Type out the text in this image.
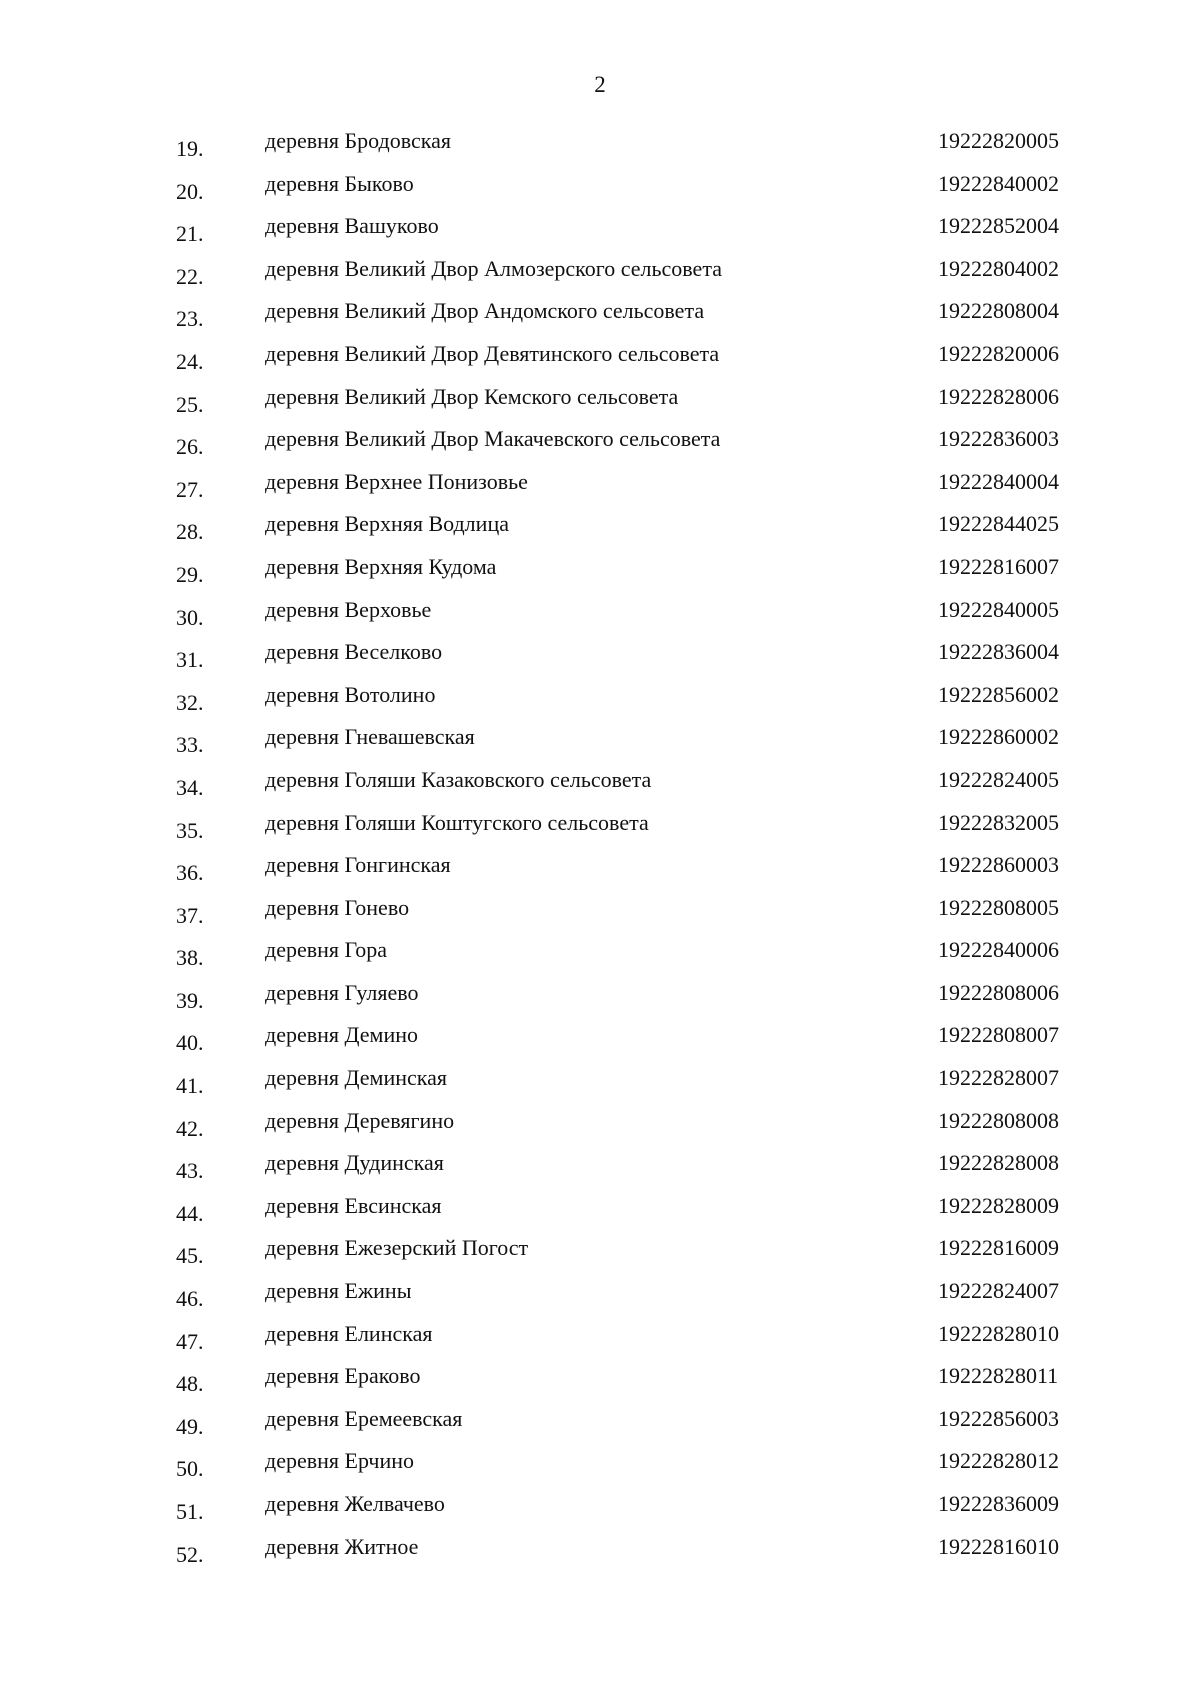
2
19.	деревня Бродовская	19222820005
20.	деревня Быково	19222840002
21.	деревня Вашуково	19222852004
22.	деревня Великий Двор Алмозерского сельсовета	19222804002
23.	деревня Великий Двор Андомского сельсовета	19222808004
24.	деревня Великий Двор Девятинского сельсовета	19222820006
25.	деревня Великий Двор Кемского сельсовета	19222828006
26.	деревня Великий Двор Макачевского сельсовета	19222836003
27.	деревня Верхнее Понизовье	19222840004
28.	деревня Верхняя Водлица	19222844025
29.	деревня Верхняя Кудома	19222816007
30.	деревня Верховье	19222840005
31.	деревня Веселково	19222836004
32.	деревня Вотолино	19222856002
33.	деревня Гневашевская	19222860002
34.	деревня Голяши Казаковского сельсовета	19222824005
35.	деревня Голяши Коштугского сельсовета	19222832005
36.	деревня Гонгинская	19222860003
37.	деревня Гонево	19222808005
38.	деревня Гора	19222840006
39.	деревня Гуляево	19222808006
40.	деревня Демино	19222808007
41.	деревня Деминская	19222828007
42.	деревня Деревягино	19222808008
43.	деревня Дудинская	19222828008
44.	деревня Евсинская	19222828009
45.	деревня Ежезерский Погост	19222816009
46.	деревня Ежины	19222824007
47.	деревня Елинская	19222828010
48.	деревня Ераково	19222828011
49.	деревня Еремеевская	19222856003
50.	деревня Ерчино	19222828012
51.	деревня Желвачево	19222836009
52.	деревня Житное	19222816010
